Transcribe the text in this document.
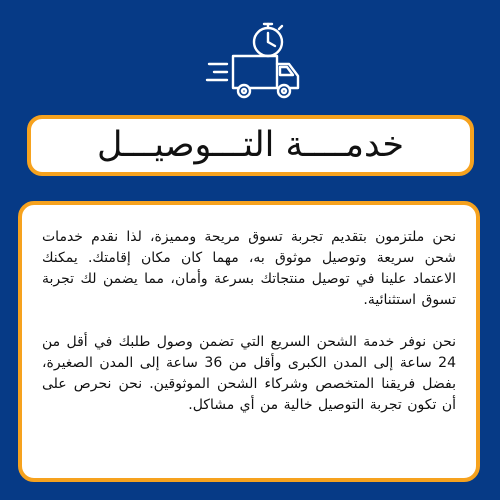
خدمــــة التـــوصيـــل

نحن ملتزمون بتقديم تجربة تسوق مريحة ومميزة، لذا نقدم خدمات شحن سريعة وتوصيل موثوق به، مهما كان مكان إقامتك. يمكنك الاعتماد علينا في توصيل منتجاتك بسرعة وأمان، مما يضمن لك تجربة تسوق استثنائية.

نحن نوفر خدمة الشحن السريع التي تضمن وصول طلبك في أقل من 24 ساعة إلى المدن الكبرى وأقل من 36 ساعة إلى المدن الصغيرة، بفضل فريقنا المتخصص وشركاء الشحن الموثوقين. نحن نحرص على أن تكون تجربة التوصيل خالية من أي مشاكل.
